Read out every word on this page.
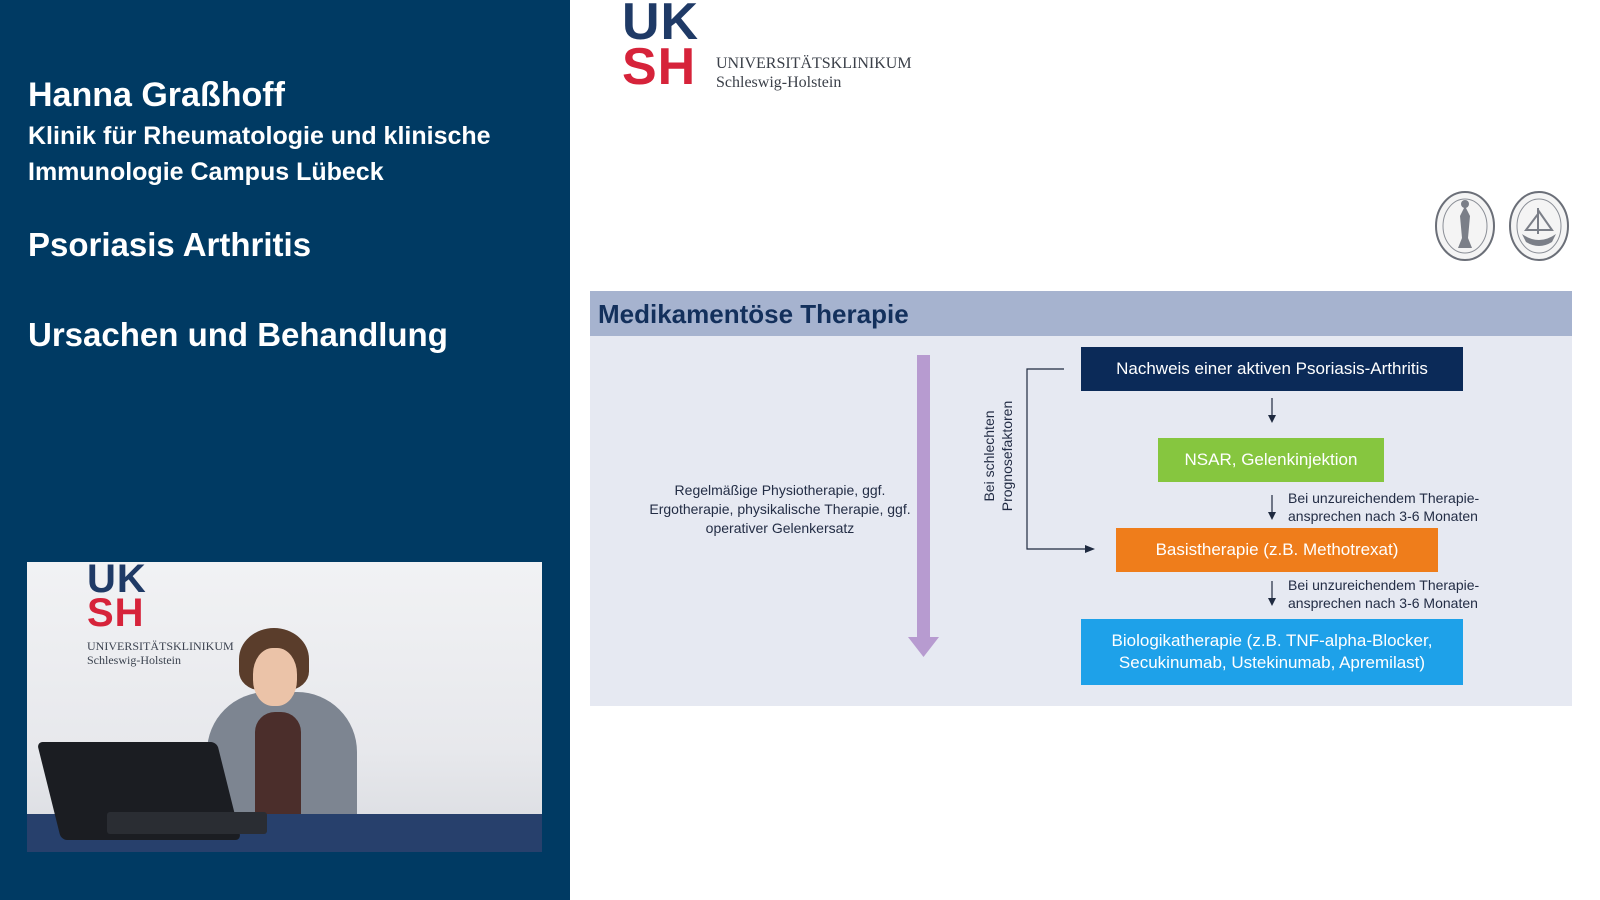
Hanna Graßhoff
Klinik für Rheumatologie und klinische Immunologie Campus Lübeck
Psoriasis Arthritis
Ursachen und Behandlung
UK
SH
UNIVERSITÄTSKLINIKUM
Schleswig-Holstein
UK
SH UNIVERSITÄTSKLINIKUM
Schleswig-Holstein
Medikamentöse Therapie
Regelmäßige Physiotherapie, ggf. Ergotherapie, physikalische Therapie, ggf. operativer Gelenkersatz
Bei schlechten Prognosefaktoren
Nachweis einer aktiven Psoriasis-Arthritis
NSAR, Gelenkinjektion
Basistherapie (z.B. Methotrexat)
Biologikatherapie (z.B. TNF-alpha-Blocker, Secukinumab, Ustekinumab, Apremilast)
Bei unzureichendem Therapie-
ansprechen nach 3-6 Monaten
Bei unzureichendem Therapie-
ansprechen nach 3-6 Monaten
